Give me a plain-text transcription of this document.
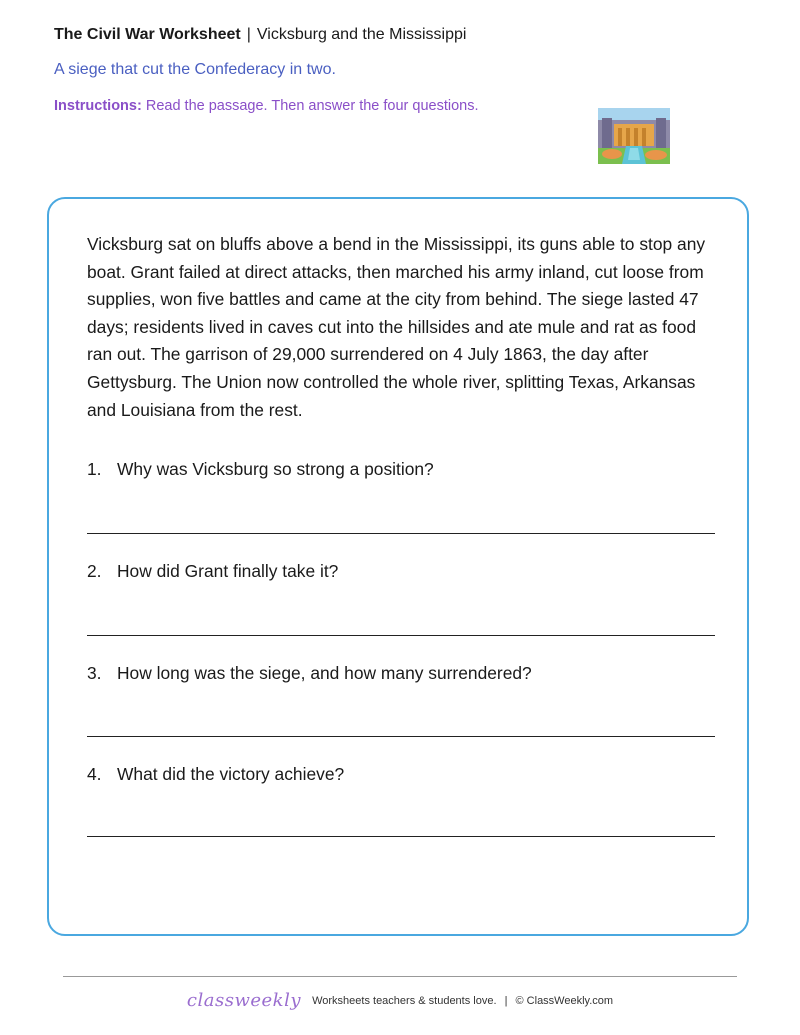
The Civil War Worksheet | Vicksburg and the Mississippi
A siege that cut the Confederacy in two.
Instructions: Read the passage. Then answer the four questions.
Vicksburg sat on bluffs above a bend in the Mississippi, its guns able to stop any boat. Grant failed at direct attacks, then marched his army inland, cut loose from supplies, won five battles and came at the city from behind. The siege lasted 47 days; residents lived in caves cut into the hillsides and ate mule and rat as food ran out. The garrison of 29,000 surrendered on 4 July 1863, the day after Gettysburg. The Union now controlled the whole river, splitting Texas, Arkansas and Louisiana from the rest.
1. Why was Vicksburg so strong a position?
2. How did Grant finally take it?
3. How long was the siege, and how many surrendered?
4. What did the victory achieve?
classweekly Worksheets teachers & students love. | © ClassWeekly.com
